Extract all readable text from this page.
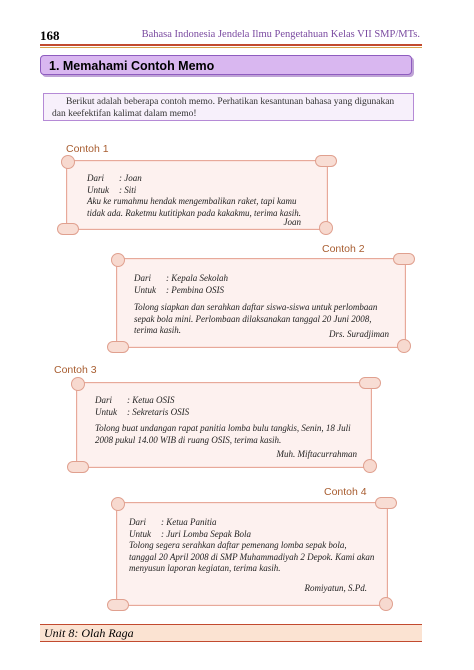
168	Bahasa Indonesia Jendela Ilmu Pengetahuan Kelas VII SMP/MTs.
1. Memahami Contoh Memo

Berikut adalah beberapa contoh memo. Perhatikan kesantunan bahasa yang digunakan dan keefektifan kalimat dalam memo!

Contoh 1
Dari : Joan
Untuk : Siti
Aku ke rumahmu hendak mengembalikan raket, tapi kamu tidak ada. Raketmu kutitipkan pada kakakmu, terima kasih.
Joan
Contoh 2
Dari : Kepala Sekolah
Untuk : Pembina OSIS
Tolong siapkan dan serahkan daftar siswa-siswa untuk perlombaan sepak bola mini. Perlombaan dilaksanakan tanggal 20 Juni 2008, terima kasih.	Drs. Suradjiman
Contoh 3
Dari : Ketua OSIS
Untuk : Sekretaris OSIS
Tolong buat undangan rapat panitia lomba bulu tangkis, Senin, 18 Juli 2008 pukul 14.00 WIB di ruang OSIS, terima kasih.
Muh. Miftacurrahman
Contoh 4
Dari : Ketua Panitia
Untuk : Juri Lomba Sepak Bola
Tolong segera serahkan daftar pemenang lomba sepak bola, tanggal 20 April 2008 di SMP Muhammadiyah 2 Depok. Kami akan menyusun laporan kegiatan, terima kasih.
Romiyatun, S.Pd.
Unit 8: Olah Raga
